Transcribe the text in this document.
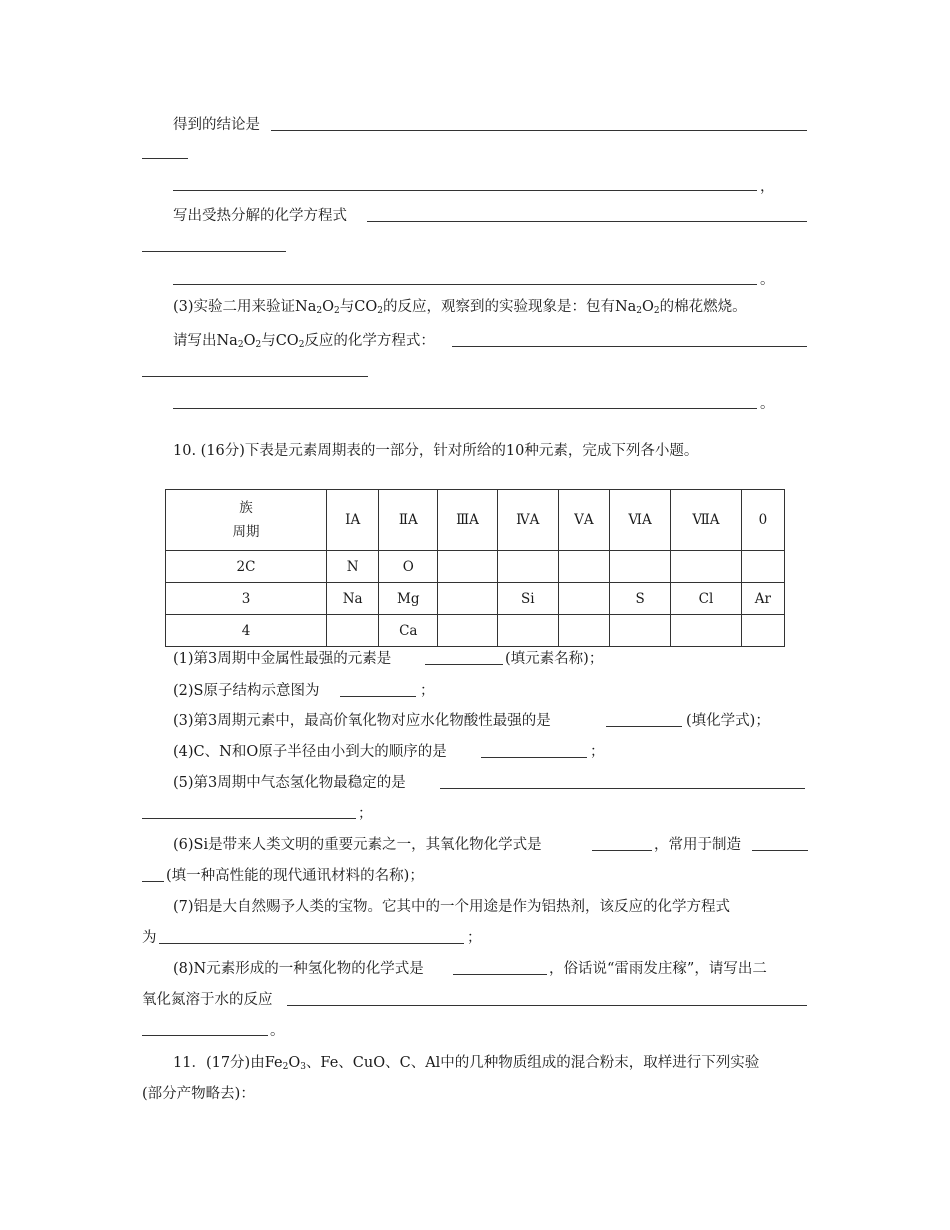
得到的结论是
，
写出受热分解的化学方程式
。
(3)实验二用来验证$Na_2O_2$与$CO_2$的反应，观察到的实验现象是：包有$Na_2O_2$的棉花燃烧。
请写出$Na_2O_2$与$CO_2$反应的化学方程式：
。
10. (16分)下表是元素周期表的一部分，针对所给的10种元素，完成下列各小题。
族
周期	ⅠA	ⅡA	ⅢA	ⅣA	ⅤA	ⅥA	ⅦA	0
2C	N	O						
3	Na	Mg		Si		S	Cl	Ar
4		Ca						
(1)第3周期中金属性最强的元素是	(填元素名称)；
(2)S原子结构示意图为	；
(3)第3周期元素中，最高价氧化物对应水化物酸性最强的是	(填化学式)；
(4)C、N和O原子半径由小到大的顺序的是	；
(5)第3周期中气态氢化物最稳定的是
；
(6)Si是带来人类文明的重要元素之一，其氧化物化学式是	，常用于制造
(填一种高性能的现代通讯材料的名称)；
(7)铝是大自然赐予人类的宝物。它其中的一个用途是作为铝热剂，该反应的化学方程式
为	；
(8)N元素形成的一种氢化物的化学式是	，俗话说“雷雨发庄稼”，请写出二
氧化氮溶于水的反应
。
11．(17分)由$Fe_2O_3$、Fe、CuO、C、Al中的几种物质组成的混合粉末，取样进行下列实验
(部分产物略去)：
